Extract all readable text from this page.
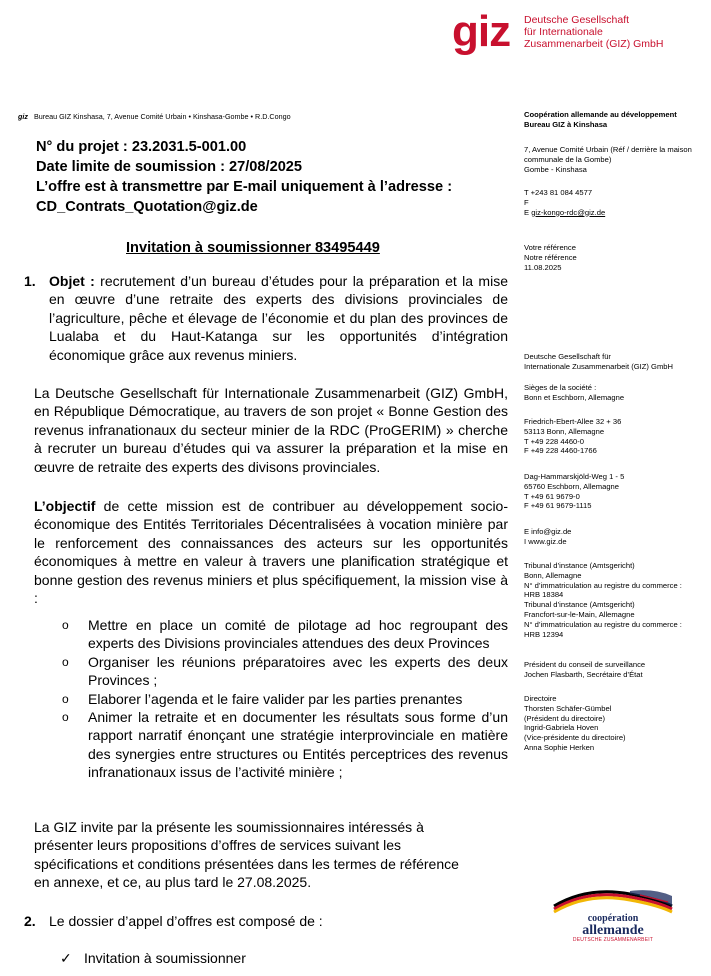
giz Deutsche Gesellschaft
für Internationale
Zusammenarbeit (GIZ) GmbH
giz Bureau GIZ Kinshasa, 7, Avenue Comité Urbain • Kinshasa-Gombe • R.D.Congo
N° du projet : 23.2031.5-001.00
Date limite de soumission : 27/08/2025
L’offre est à transmettre par E-mail uniquement à l’adresse :
CD_Contrats_Quotation@giz.de
Invitation à soumissionner 83495449
1. Objet : recrutement d’un bureau d’études pour la préparation et la mise en œuvre d’une retraite des experts des divisions provinciales de l’agriculture, pêche et élevage de l’économie et du plan des provinces de Lualaba et du Haut-Katanga sur les opportunités d’intégration économique grâce aux revenus miniers.
La Deutsche Gesellschaft für Internationale Zusammenarbeit (GIZ) GmbH, en République Démocratique, au travers de son projet « Bonne Gestion des revenus infranationaux du secteur minier de la RDC (ProGERIM) » cherche à recruter un bureau d’études qui va assurer la préparation et la mise en œuvre de retraite des experts des divisons provinciales.
L’objectif de cette mission est de contribuer au développement socio-économique des Entités Territoriales Décentralisées à vocation minière par le renforcement des connaissances des acteurs sur les opportunités économiques à mettre en valeur à travers une planification stratégique et bonne gestion des revenus miniers et plus spécifiquement, la mission vise à :
o Mettre en place un comité de pilotage ad hoc regroupant des experts des Divisions provinciales attendues des deux Provinces
o Organiser les réunions préparatoires avec les experts des deux Provinces ;
o Elaborer l’agenda et le faire valider par les parties prenantes
o Animer la retraite et en documenter les résultats sous forme d’un rapport narratif énonçant une stratégie interprovinciale en matière des synergies entre structures ou Entités perceptrices des revenus infranationaux issus de l’activité minière ;
La GIZ invite par la présente les soumissionnaires intéressés à présenter leurs propositions d’offres de services suivant les spécifications et conditions présentées dans les termes de référence en annexe, et ce, au plus tard le 27.08.2025.
2. Le dossier d’appel d’offres est composé de :
✓ Invitation à soumissionner
Coopération allemande au développement
Bureau GIZ à Kinshasa
7, Avenue Comité Urbain (Réf / derrière la maison
communale de la Gombe)
Gombe - Kinshasa
T +243 81 084 4577
F
E giz-kongo-rdc@giz.de
Votre référence
Notre référence
11.08.2025
Deutsche Gesellschaft für
Internationale Zusammenarbeit (GIZ) GmbH
Sièges de la société :
Bonn et Eschborn, Allemagne
Friedrich-Ebert-Allee 32 + 36
53113 Bonn, Allemagne
T +49 228 4460-0
F +49 228 4460-1766
Dag-Hammarskjöld-Weg 1 - 5
65760 Eschborn, Allemagne
T +49 61 9679-0
F +49 61 9679-1115
E info@giz.de
I www.giz.de
Tribunal d’instance (Amtsgericht)
Bonn, Allemagne
N° d’immatriculation au registre du commerce :
HRB 18384
Tribunal d’instance (Amtsgericht)
Francfort-sur-le-Main, Allemagne
N° d’immatriculation au registre du commerce :
HRB 12394
Président du conseil de surveillance
Jochen Flasbarth, Secrétaire d’État
Directoire
Thorsten Schäfer-Gümbel
(Président du directoire)
Ingrid-Gabriela Hoven
(Vice-présidente du directoire)
Anna Sophie Herken
coopération
allemande
DEUTSCHE ZUSAMMENARBEIT
